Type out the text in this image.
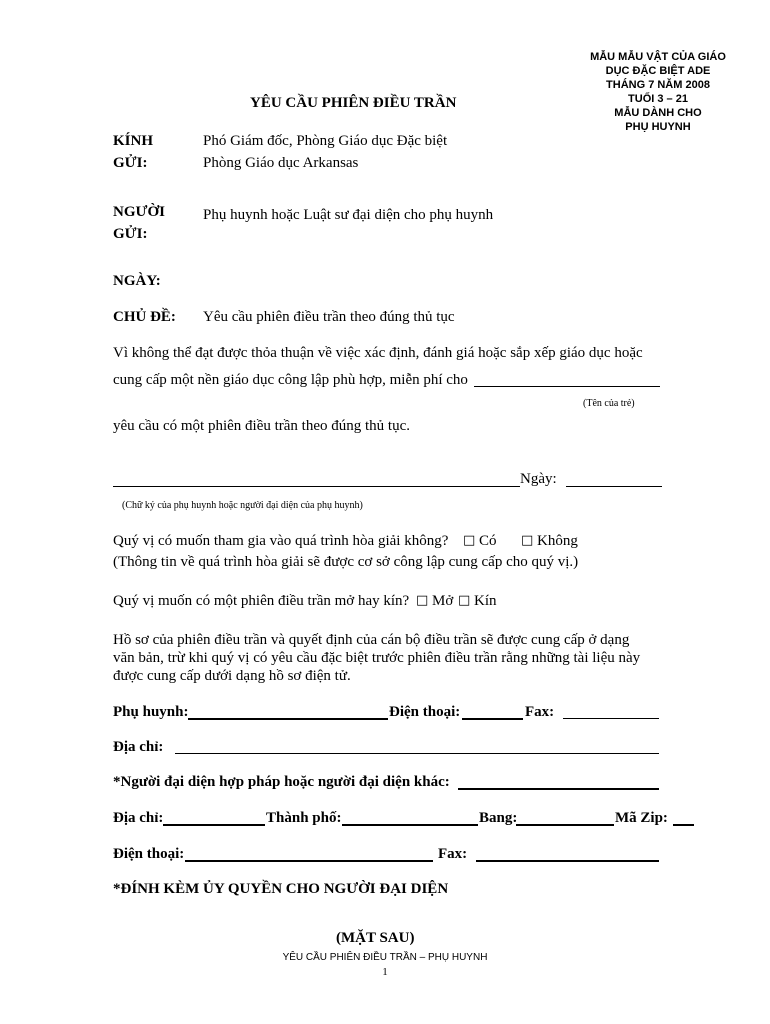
MẪU MẪU VẬT CỦA GIÁO
DỤC ĐẶC BIỆT ADE
THÁNG 7 NĂM 2008
TUỔI 3 – 21
MẪU DÀNH CHO
PHỤ HUYNH
YÊU CẦU PHIÊN ĐIỀU TRẦN
KÍNH
GỬI:
Phó Giám đốc, Phòng Giáo dục Đặc biệt
Phòng Giáo dục Arkansas
NGƯỜI
GỬI:
Phụ huynh hoặc Luật sư đại diện cho phụ huynh
NGÀY:
CHỦ ĐỀ: Yêu cầu phiên điều trần theo đúng thủ tục
Vì không thể đạt được thỏa thuận về việc xác định, đánh giá hoặc sắp xếp giáo dục hoặc
cung cấp một nền giáo dục công lập phù hợp, miễn phí cho
(Tên của trẻ)
yêu cầu có một phiên điều trần theo đúng thủ tục.
Ngày:
(Chữ ký của phụ huynh hoặc người đại diện của phụ huynh)
Quý vị có muốn tham gia vào quá trình hòa giải không? □ Có □ Không
(Thông tin về quá trình hòa giải sẽ được cơ sở công lập cung cấp cho quý vị.)
Quý vị muốn có một phiên điều trần mở hay kín? □ Mở □ Kín
Hồ sơ của phiên điều trần và quyết định của cán bộ điều trần sẽ được cung cấp ở dạng
văn bản, trừ khi quý vị có yêu cầu đặc biệt trước phiên điều trần rằng những tài liệu này
được cung cấp dưới dạng hồ sơ điện tử.
Phụ huynh:	Điện thoại:	Fax:
Địa chỉ:
*Người đại diện hợp pháp hoặc người đại diện khác:
Địa chỉ:	Thành phố:	Bang:	Mã Zip:
Điện thoại:	Fax:
*ĐÍNH KÈM ỦY QUYỀN CHO NGƯỜI ĐẠI DIỆN
(MẶT SAU)
YÊU CẦU PHIÊN ĐIỀU TRẦN – PHỤ HUYNH
1
